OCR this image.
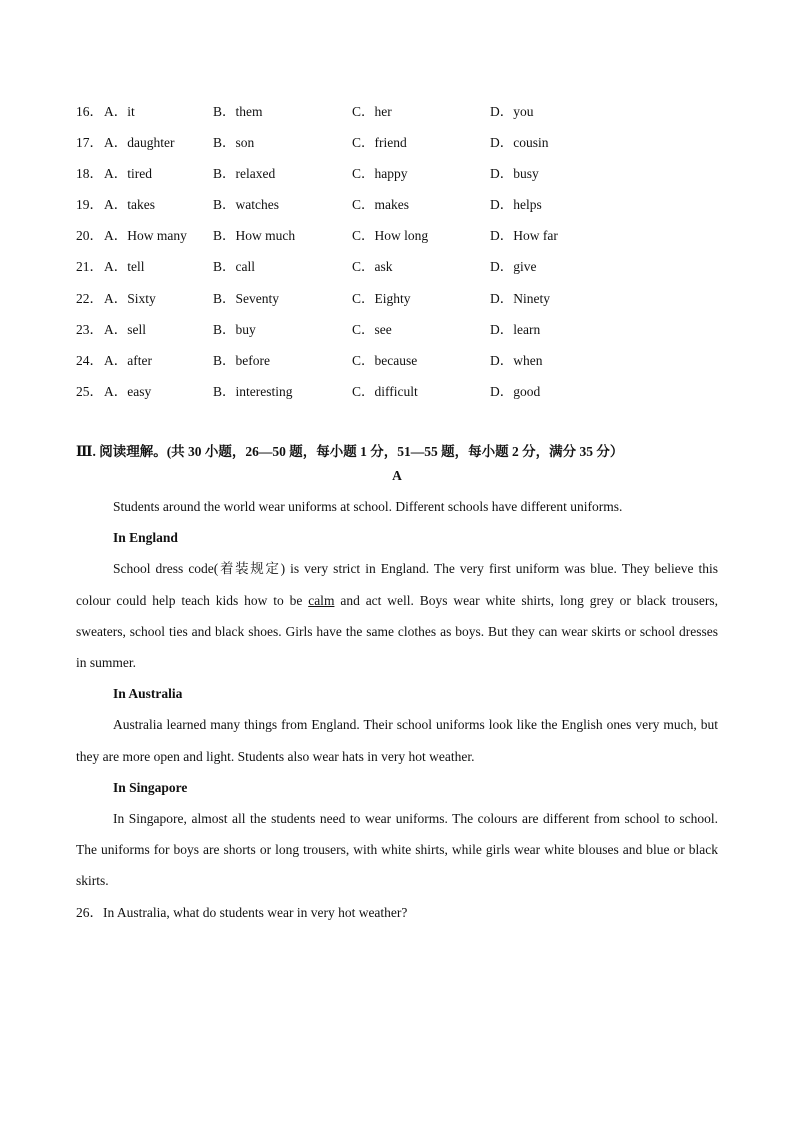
16． A．it	B．them	C．her	D．you
17． A．daughter	B．son	C．friend	D．cousin
18． A．tired	B．relaxed	C．happy	D．busy
19． A．takes	B．watches	C．makes	D．helps
20． A．How many B．How much	C．How long	D．How far
21． A．tell	B．call	C．ask	D．give
22． A．Sixty	B．Seventy	C．Eighty	D．Ninety
23． A．sell	B．buy	C．see	D．learn
24． A．after	B．before	C．because	D．when
25． A．easy	B．interesting	C．difficult	D．good
Ⅲ. 阅读理解。(共 30 小题，26—50 题，每小题 1 分，51—55 题，每小题 2 分，满分 35 分）
A

Students around the world wear uniforms at school. Different schools have different uniforms.

In England

School dress code(着装规定) is very strict in England. The very first uniform was blue. They believe this colour could help teach kids how to be calm and act well. Boys wear white shirts, long grey or black trousers, sweaters, school ties and black shoes. Girls have the same clothes as boys. But they can wear skirts or school dresses in summer.

In Australia

Australia learned many things from England. Their school uniforms look like the English ones very much, but they are more open and light. Students also wear hats in very hot weather.

In Singapore

In Singapore, almost all the students need to wear uniforms. The colours are different from school to school. The uniforms for boys are shorts or long trousers, with white shirts, while girls wear white blouses and blue or black skirts.

26．In Australia, what do students wear in very hot weather?
